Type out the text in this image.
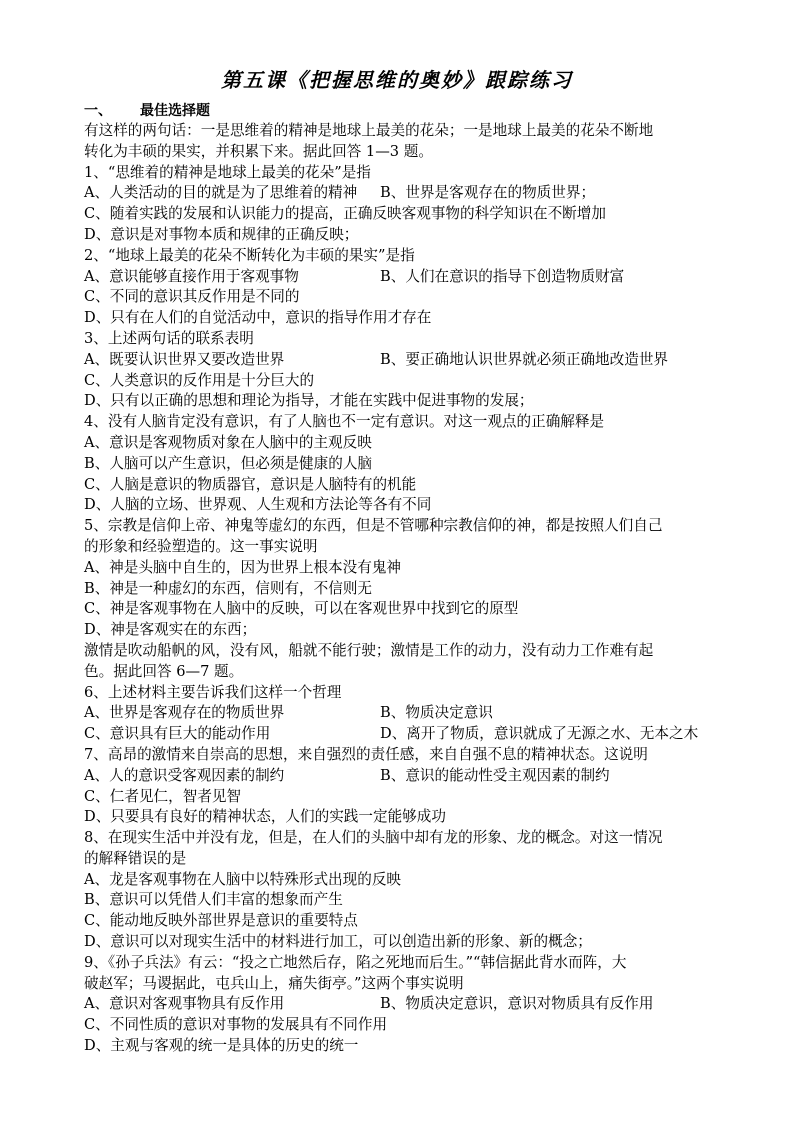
第五课《把握思维的奥妙》跟踪练习
一、 最佳选择题
有这样的两句话：一是思维着的精神是地球上最美的花朵；一是地球上最美的花朵不断地
转化为丰硕的果实，并积累下来。据此回答 1—3 题。
1、“思维着的精神是地球上最美的花朵”是指
A、人类活动的目的就是为了思维着的精神	B、世界是客观存在的物质世界；
C、随着实践的发展和认识能力的提高，正确反映客观事物的科学知识在不断增加
D、意识是对事物本质和规律的正确反映；
2、“地球上最美的花朵不断转化为丰硕的果实”是指
A、意识能够直接作用于客观事物	B、人们在意识的指导下创造物质财富
C、不同的意识其反作用是不同的
D、只有在人们的自觉活动中，意识的指导作用才存在
3、上述两句话的联系表明
A、既要认识世界又要改造世界	B、要正确地认识世界就必须正确地改造世界
C、人类意识的反作用是十分巨大的
D、只有以正确的思想和理论为指导，才能在实践中促进事物的发展；
4、没有人脑肯定没有意识，有了人脑也不一定有意识。对这一观点的正确解释是
A、意识是客观物质对象在人脑中的主观反映
B、人脑可以产生意识，但必须是健康的人脑
C、人脑是意识的物质器官，意识是人脑特有的机能
D、人脑的立场、世界观、人生观和方法论等各有不同
5、宗教是信仰上帝、神鬼等虚幻的东西，但是不管哪种宗教信仰的神，都是按照人们自己
的形象和经验塑造的。这一事实说明
A、神是头脑中自生的，因为世界上根本没有鬼神
B、神是一种虚幻的东西，信则有，不信则无
C、神是客观事物在人脑中的反映，可以在客观世界中找到它的原型
D、神是客观实在的东西；
激情是吹动船帆的风，没有风，船就不能行驶；激情是工作的动力，没有动力工作难有起
色。据此回答 6—7 题。
6、上述材料主要告诉我们这样一个哲理
A、世界是客观存在的物质世界	B、物质决定意识
C、意识具有巨大的能动作用	D、离开了物质，意识就成了无源之水、无本之木
7、高昂的激情来自崇高的思想，来自强烈的责任感，来自自强不息的精神状态。这说明
A、人的意识受客观因素的制约	B、意识的能动性受主观因素的制约
C、仁者见仁，智者见智
D、只要具有良好的精神状态，人们的实践一定能够成功
8、在现实生活中并没有龙，但是，在人们的头脑中却有龙的形象、龙的概念。对这一情况
的解释错误的是
A、龙是客观事物在人脑中以特殊形式出现的反映
B、意识可以凭借人们丰富的想象而产生
C、能动地反映外部世界是意识的重要特点
D、意识可以对现实生活中的材料进行加工，可以创造出新的形象、新的概念；
9、《孙子兵法》有云：“投之亡地然后存，陷之死地而后生。”“韩信据此背水而阵，大
破赵军；马谡据此，屯兵山上，痛失街亭。”这两个事实说明
A、意识对客观事物具有反作用	B、物质决定意识，意识对物质具有反作用
C、不同性质的意识对事物的发展具有不同作用
D、主观与客观的统一是具体的历史的统一
